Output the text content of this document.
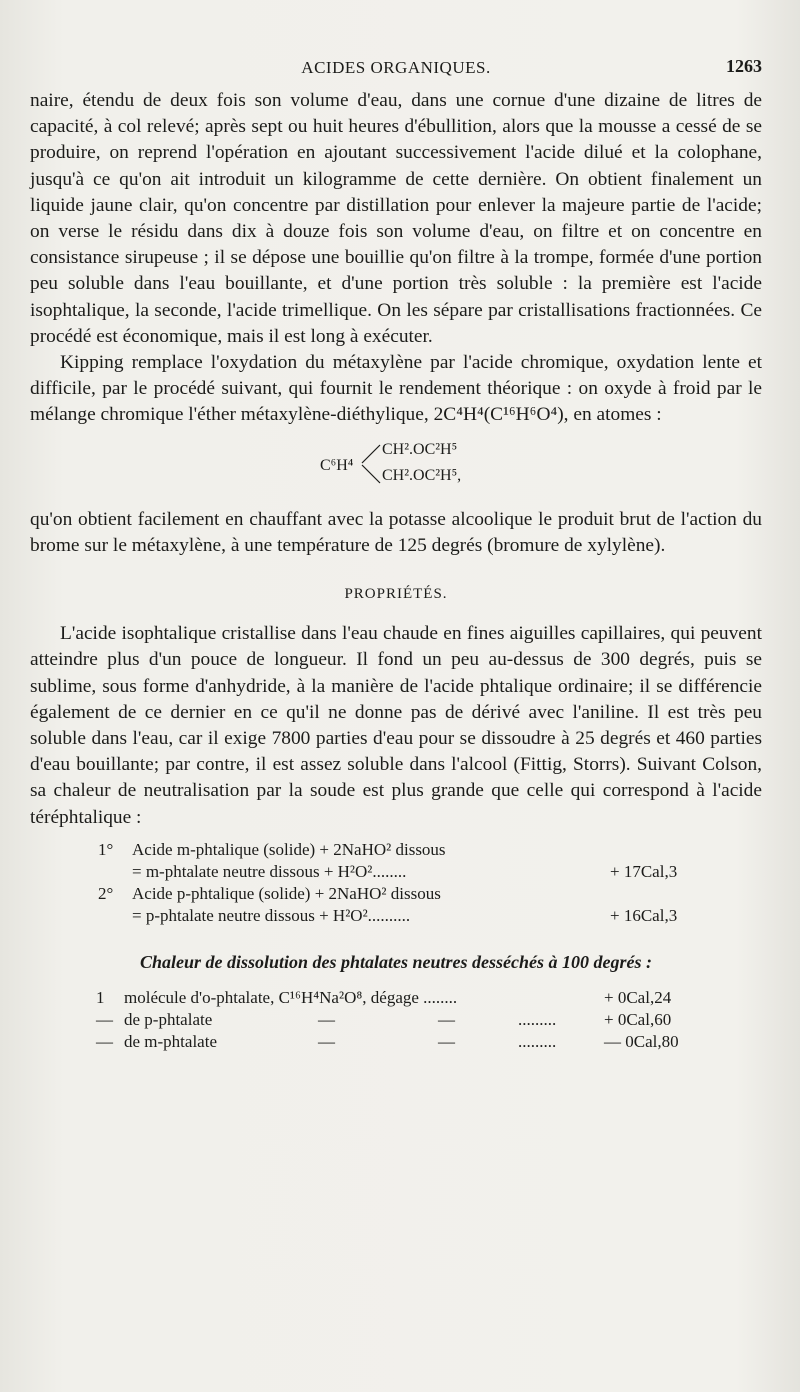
ACIDES ORGANIQUES.	1263

naire, étendu de deux fois son volume d'eau, dans une cornue d'une dizaine de litres de capacité, à col relevé; après sept ou huit heures d'ébullition, alors que la mousse a cessé de se produire, on reprend l'opération en ajoutant successivement l'acide dilué et la colophane, jusqu'à ce qu'on ait introduit un kilogramme de cette dernière. On obtient finalement un liquide jaune clair, qu'on concentre par distillation pour enlever la majeure partie de l'acide; on verse le résidu dans dix à douze fois son volume d'eau, on filtre et on concentre en consistance sirupeuse ; il se dépose une bouillie qu'on filtre à la trompe, formée d'une portion peu soluble dans l'eau bouillante, et d'une portion très soluble : la première est l'acide isophtalique, la seconde, l'acide trimellique. On les sépare par cristallisations fractionnées. Ce procédé est économique, mais il est long à exécuter.

Kipping remplace l'oxydation du métaxylène par l'acide chromique, oxydation lente et difficile, par le procédé suivant, qui fournit le rendement théorique : on oxyde à froid par le mélange chromique l'éther métaxylène-diéthylique, 2C⁴H⁴(C¹⁶H⁶O⁴), en atomes :

C⁶H⁴
CH².OC²H⁵
CH².OC²H⁵,

qu'on obtient facilement en chauffant avec la potasse alcoolique le produit brut de l'action du brome sur le métaxylène, à une température de 125 degrés (bromure de xylylène).

PROPRIÉTÉS.

L'acide isophtalique cristallise dans l'eau chaude en fines aiguilles capillaires, qui peuvent atteindre plus d'un pouce de longueur. Il fond un peu au-dessus de 300 degrés, puis se sublime, sous forme d'anhydride, à la manière de l'acide phtalique ordinaire; il se différencie également de ce dernier en ce qu'il ne donne pas de dérivé avec l'aniline. Il est très peu soluble dans l'eau, car il exige 7800 parties d'eau pour se dissoudre à 25 degrés et 460 parties d'eau bouillante; par contre, il est assez soluble dans l'alcool (Fittig, Storrs). Suivant Colson, sa chaleur de neutralisation par la soude est plus grande que celle qui correspond à l'acide téréphtalique :

1° Acide m-phtalique (solide) + 2NaHO² dissous
= m-phtalate neutre dissous + H²O²........	+ 17Cal,3
2° Acide p-phtalique (solide) + 2NaHO² dissous
= p-phtalate neutre dissous + H²O²..........	+ 16Cal,3
Chaleur de dissolution des phtalates neutres desséchés à 100 degrés :
1 molécule d'o-phtalate, C¹⁶H⁴Na²O⁸, dégage ........	+ 0Cal,24
— de p-phtalate	—	—	.........	+ 0Cal,60
— de m-phtalate	—	—	.........	— 0Cal,80
